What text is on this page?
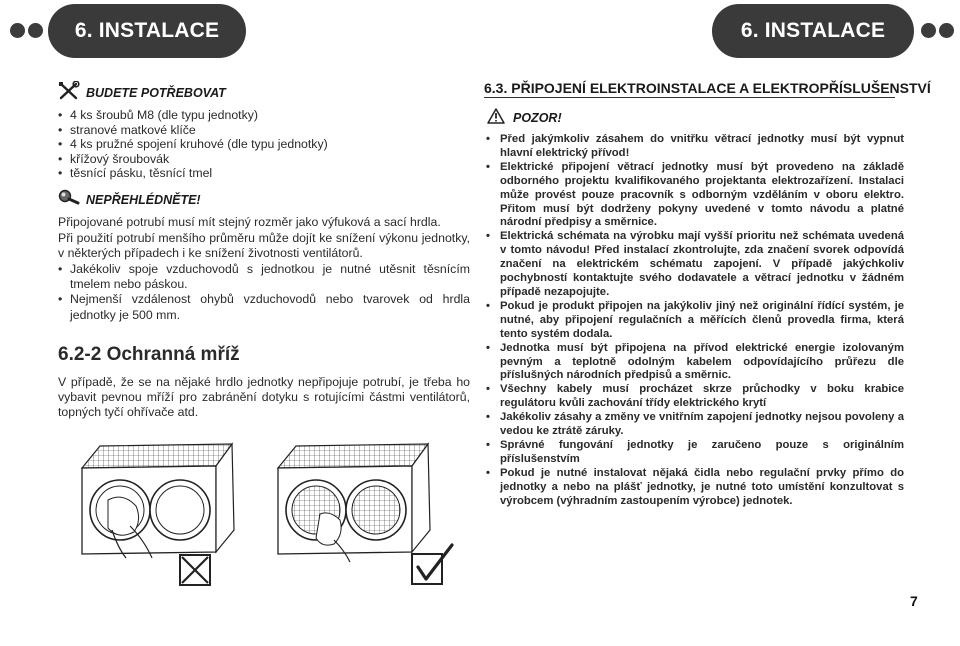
6. INSTALACE	6. INSTALACE
BUDETE POTŘEBOVAT
• 4 ks šroubů M8 (dle typu jednotky)
• stranové matkové klíče
• 4 ks pružné spojení kruhové (dle typu jednotky)
• křížový šroubovák
• těsnící pásku, těsnící tmel
NEPŘEHLÉDNĚTE!
Připojované potrubí musí mít stejný rozměr jako výfuková a sací hrdla.
Při použití potrubí menšího průměru může dojít ke snížení výkonu jednotky, v některých případech i ke snížení životnosti ventilátorů.
• Jakékoliv spoje vzduchovodů s jednotkou je nutné utěsnit těsnícím tmelem nebo páskou.
• Nejmenší vzdálenost ohybů vzduchovodů nebo tvarovek od hrdla jednotky je 500 mm.
6.2-2 Ochranná mříž
V případě, že se na nějaké hrdlo jednotky nepřipojuje potrubí, je třeba ho vybavit pevnou mříží pro zabránění dotyku s rotujícími částmi ventilátorů, topných tyčí ohřívače atd.
6.3. PŘIPOJENÍ ELEKTROINSTALACE A ELEKTROPŘÍSLUŠENSTVÍ
POZOR!
• Před jakýmkoliv zásahem do vnitřku větrací jednotky musí být vypnut hlavní elektrický přívod!
• Elektrické připojení větrací jednotky musí být provedeno na základě odborného projektu kvalifikovaného projektanta elektrozařízení. Instalaci může provést pouze pracovník s odborným vzděláním v oboru elektro. Přitom musí být dodrženy pokyny uvedené v tomto návodu a platné národní předpisy a směrnice.
• Elektrická schémata na výrobku mají vyšší prioritu než schémata uvedená v tomto návodu! Před instalací zkontrolujte, zda značení svorek odpovídá značení na elektrickém schématu zapojení. V případě jakýchkoliv pochybností kontaktujte svého dodavatele a větrací jednotku v žádném případě nezapojujte.
• Pokud je produkt připojen na jakýkoliv jiný než originální řídící systém, je nutné, aby připojení regulačních a měřících členů provedla firma, která tento systém dodala.
• Jednotka musí být připojena na přívod elektrické energie izolovaným pevným a teplotně odolným kabelem odpovídajícího průřezu dle příslušných národních předpisů a směrnic.
• Všechny kabely musí procházet skrze průchodky v boku krabice regulátoru kvůli zachování třídy elektrického krytí
• Jakékoliv zásahy a změny ve vnitřním zapojení jednotky nejsou povoleny a vedou ke ztrátě záruky.
• Správné fungování jednotky je zaručeno pouze s originálním příslušenstvím
• Pokud je nutné instalovat nějaká čidla nebo regulační prvky přímo do jednotky a nebo na plášť jednotky, je nutné toto umístění konzultovat s výrobcem (výhradním zastoupením výrobce) jednotek.
7
